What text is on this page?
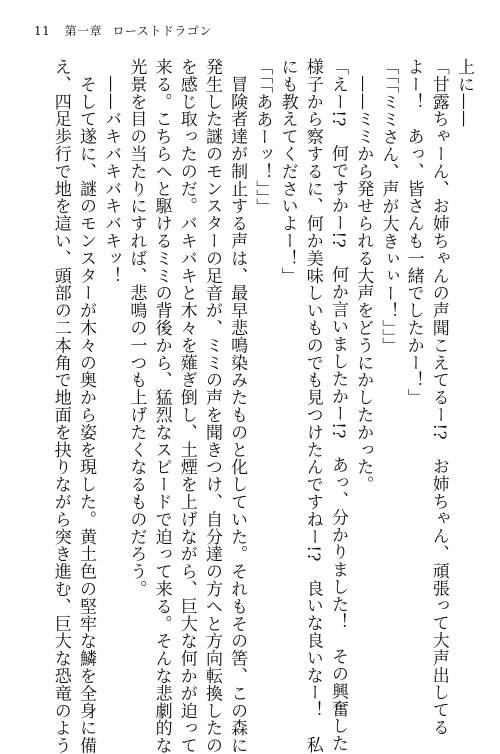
11 第一章 ローストドラゴン
上に——
「甘露ちゃーん、お姉ちゃんの声聞こえてるー!?　お姉ちゃん、頑張って大声出してる
よー！　あっ、皆さんも一緒でしたかー！」
「「「ミミさん、声が大きぃぃー！」」」
　——ミミから発せられる大声をどうにかしたかった。
「えー!?　何ですかー!?　何か言いましたかー!?　あっ、分かりました！　その興奮した
様子から察するに、何か美味しいものでも見つけたんですねー!?　良いな良いなー！　私
にも教えてくださいよー！」
「「「ああーッ！」」」
　冒険者達が制止する声は、最早悲鳴染みたものと化していた。それもその筈、この森に
発生した謎のモンスターの足音が、ミミの声を聞きつけ、自分達の方へと方向転換したの
を感じ取ったのだ。バキバキと木々を薙ぎ倒し、土煙を上げながら、巨大な何かが迫って
来る。こちらへと駆けるミミの背後から、猛烈なスピードで迫って来る。そんな悲劇的な
光景を目の当たりにすれば、悲鳴の一つも上げたくなるものだろう。
　——バキバキバキバキッ！
　そして遂に、謎のモンスターが木々の奥から姿を現した。黄土色の堅牢な鱗を全身に備
え、四足歩行で地を這い、頭部の二本角で地面を抉りながら突き進む、巨大な恐竜のよう
